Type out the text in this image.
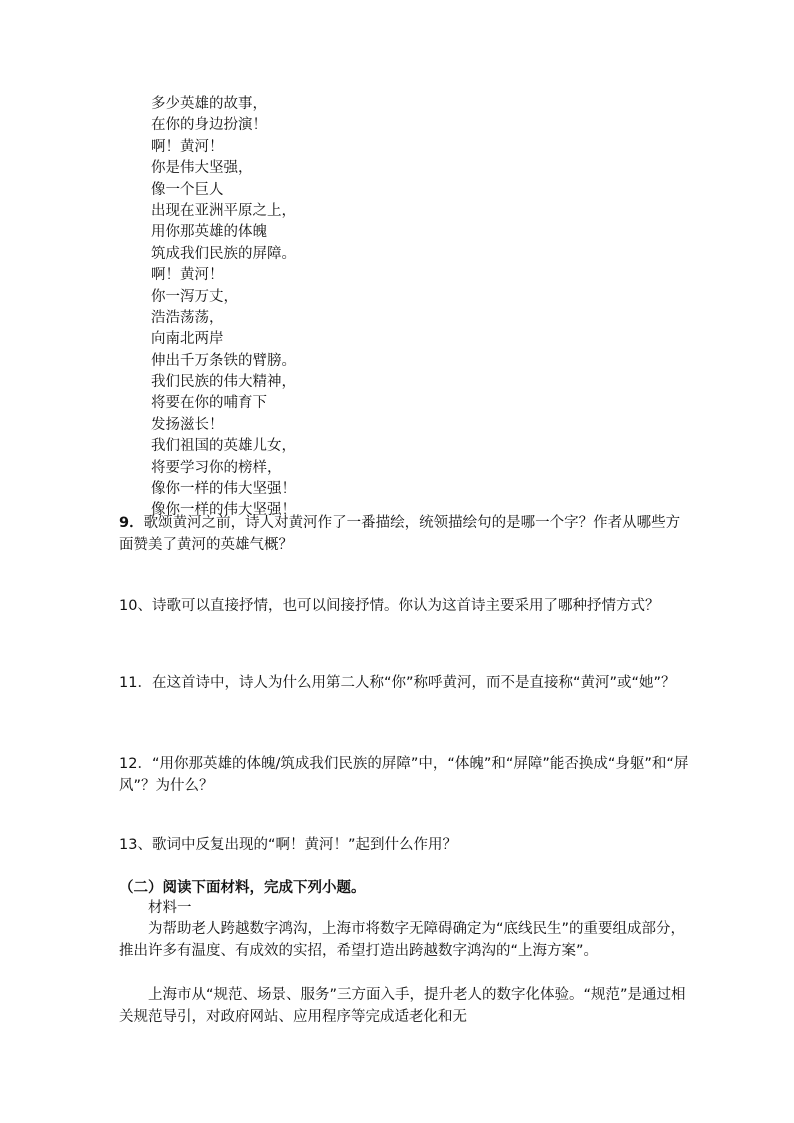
多少英雄的故事，
在你的身边扮演！
啊！黄河！
你是伟大坚强，
像一个巨人
出现在亚洲平原之上，
用你那英雄的体魄
筑成我们民族的屏障。
啊！黄河！
你一泻万丈，
浩浩荡荡，
向南北两岸
伸出千万条铁的臂膀。
我们民族的伟大精神，
将要在你的哺育下
发扬滋长！
我们祖国的英雄儿女，
将要学习你的榜样，
像你一样的伟大坚强！
像你一样的伟大坚强！

9．歌颂黄河之前，诗人对黄河作了一番描绘，统领描绘句的是哪一个字？作者从哪些方面赞美了黄河的英雄气概？

10、诗歌可以直接抒情，也可以间接抒情。你认为这首诗主要采用了哪种抒情方式？

11．在这首诗中，诗人为什么用第二人称“你”称呼黄河，而不是直接称“黄河”或“她”？

12．“用你那英雄的体魄/筑成我们民族的屏障”中，“体魄”和“屏障”能否换成“身躯”和“屏风”？为什么？

13、歌词中反复出现的“啊！黄河！”起到什么作用？

（二）阅读下面材料，完成下列小题。

材料一

为帮助老人跨越数字鸿沟，上海市将数字无障碍确定为“底线民生”的重要组成部分，推出许多有温度、有成效的实招，希望打造出跨越数字鸿沟的“上海方案”。

上海市从“规范、场景、服务”三方面入手，提升老人的数字化体验。“规范”是通过相关规范导引，对政府网站、应用程序等完成适老化和无
